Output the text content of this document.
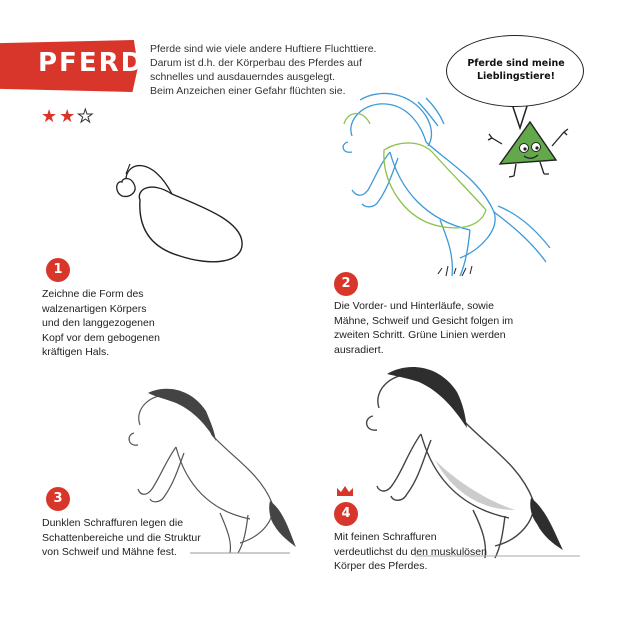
PFERD Pferde sind wie viele andere Huftiere Fluchttiere.
Darum ist d.h. der Körperbau des Pferdes auf
schnelles und ausdauerndes ausgelegt.
Beim Anzeichen einer Gefahr flüchten sie.
★★★
Pferde sind meine
Lieblingstiere!
1
Zeichne die Form des
walzenartigen Körpers
und den langgezogenen
Kopf vor dem gebogenen
kräftigen Hals.
2
Die Vorder- und Hinterläufe, sowie
Mähne, Schweif und Gesicht folgen im
zweiten Schritt. Grüne Linien werden
ausradiert.
3
Dunklen Schraffuren legen die
Schattenbereiche und die Struktur
von Schweif und Mähne fest.
4
Mit feinen Schraffuren
verdeutlichst du den muskulösen
Körper des Pferdes.
